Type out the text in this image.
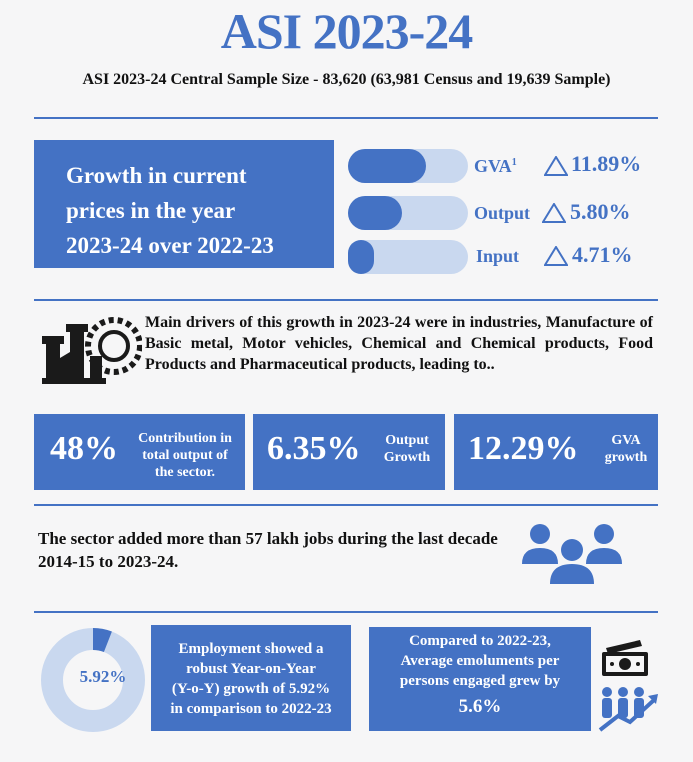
ASI 2023-24
ASI 2023-24 Central Sample Size - 83,620 (63,981 Census and 19,639 Sample)
Growth in current
prices in the year
2023-24 over 2022-23
GVA$^1$ 11.89%
Output 5.80%
Input 4.71%
Main drivers of this growth in 2023-24 were in industries, Manufacture of Basic metal, Motor vehicles, Chemical and Chemical products, Food Products and Pharmaceutical products, leading to..
48%	Contribution in
total output of
the sector.
6.35%	Output
Growth 12.29%	GVA
growth
The sector added more than 57 lakh jobs during the last decade 2014-15 to 2023-24.
5.92%
Employment showed a
robust Year-on-Year
(Y-o-Y) growth of 5.92%
in comparison to 2022-23
Compared to 2022-23,
Average emoluments per
persons engaged grew by
5.6%
